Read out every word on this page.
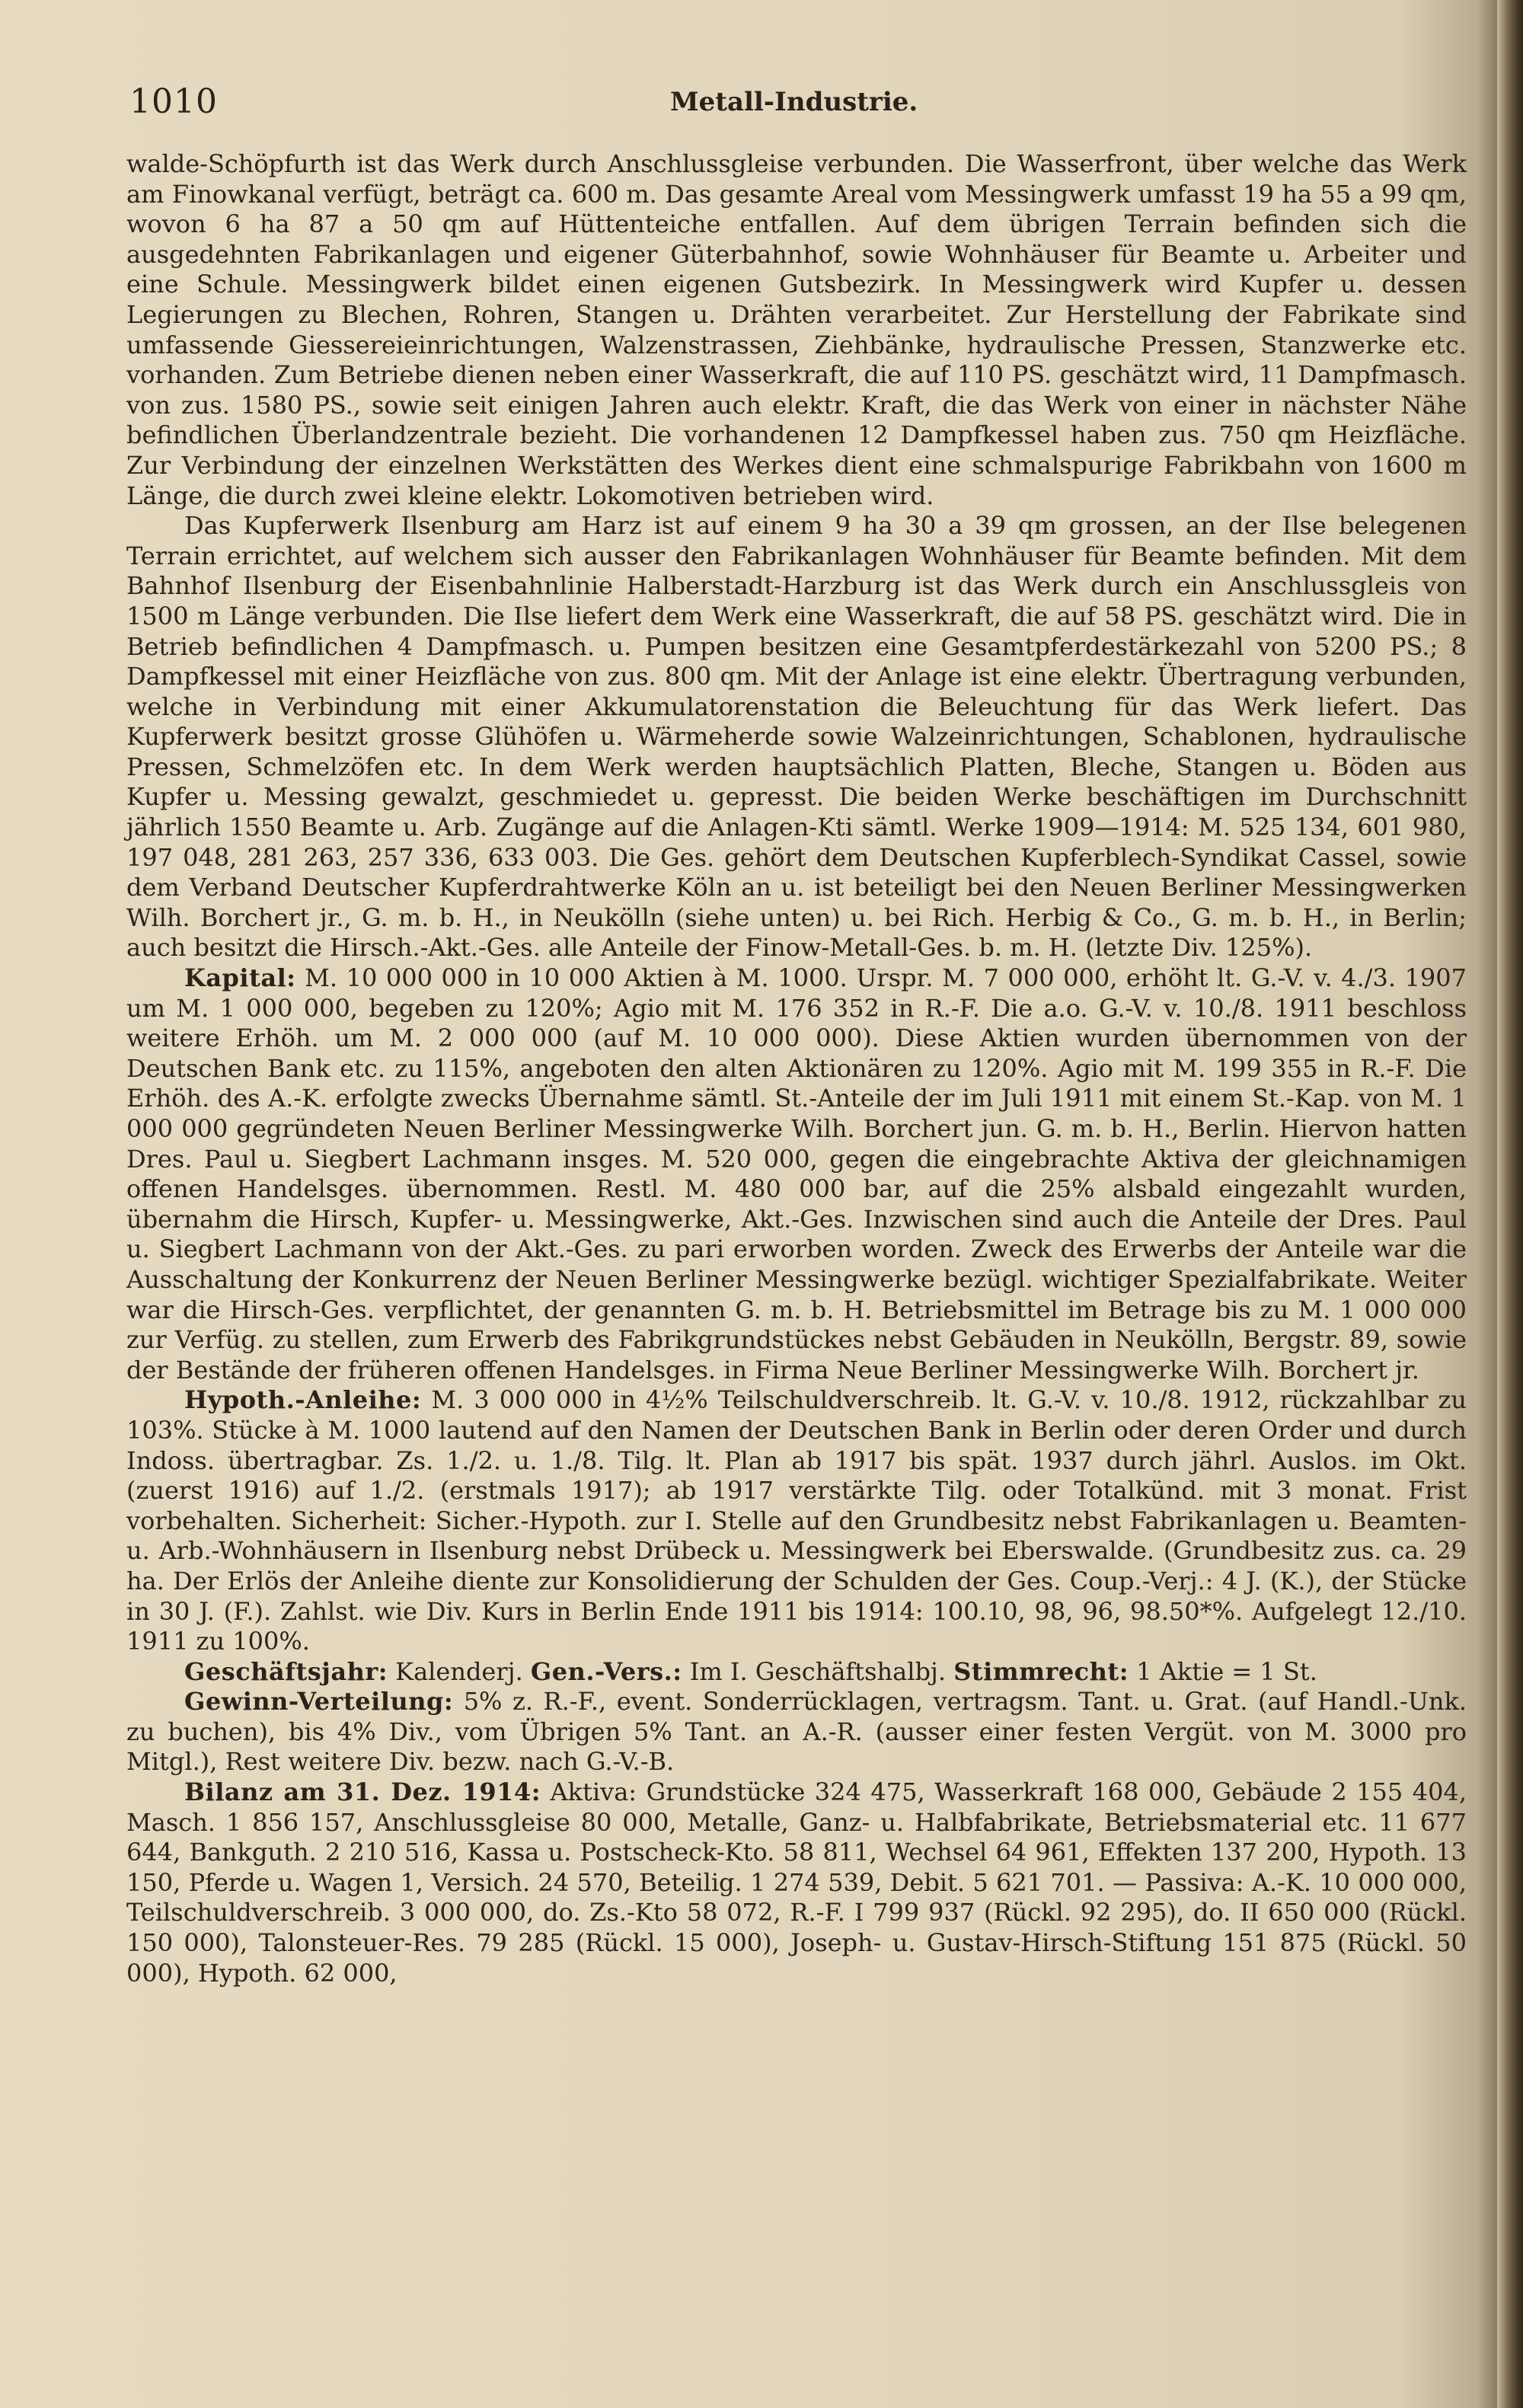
1010	Metall-Industrie.

walde-Schöpfurth ist das Werk durch Anschlussgleise verbunden. Die Wasserfront, über welche das Werk am Finowkanal verfügt, beträgt ca. 600 m. Das gesamte Areal vom Messingwerk umfasst 19 ha 55 a 99 qm, wovon 6 ha 87 a 50 qm auf Hüttenteiche entfallen. Auf dem übrigen Terrain befinden sich die ausgedehnten Fabrikanlagen und eigener Güterbahnhof, sowie Wohnhäuser für Beamte u. Arbeiter und eine Schule. Messingwerk bildet einen eigenen Gutsbezirk. In Messingwerk wird Kupfer u. dessen Legierungen zu Blechen, Rohren, Stangen u. Drähten verarbeitet. Zur Herstellung der Fabrikate sind umfassende Giessereieinrichtungen, Walzenstrassen, Ziehbänke, hydraulische Pressen, Stanzwerke etc. vorhanden. Zum Betriebe dienen neben einer Wasserkraft, die auf 110 PS. geschätzt wird, 11 Dampfmasch. von zus. 1580 PS., sowie seit einigen Jahren auch elektr. Kraft, die das Werk von einer in nächster Nähe befindlichen Überlandzentrale bezieht. Die vorhandenen 12 Dampfkessel haben zus. 750 qm Heizfläche. Zur Verbindung der einzelnen Werkstätten des Werkes dient eine schmalspurige Fabrikbahn von 1600 m Länge, die durch zwei kleine elektr. Lokomotiven betrieben wird.

Das Kupferwerk Ilsenburg am Harz ist auf einem 9 ha 30 a 39 qm grossen, an der Ilse belegenen Terrain errichtet, auf welchem sich ausser den Fabrikanlagen Wohnhäuser für Beamte befinden. Mit dem Bahnhof Ilsenburg der Eisenbahnlinie Halberstadt-Harzburg ist das Werk durch ein Anschlussgleis von 1500 m Länge verbunden. Die Ilse liefert dem Werk eine Wasserkraft, die auf 58 PS. geschätzt wird. Die in Betrieb befindlichen 4 Dampfmasch. u. Pumpen besitzen eine Gesamtpferdestärkezahl von 5200 PS.; 8 Dampfkessel mit einer Heizfläche von zus. 800 qm. Mit der Anlage ist eine elektr. Übertragung verbunden, welche in Verbindung mit einer Akkumulatorenstation die Beleuchtung für das Werk liefert. Das Kupferwerk besitzt grosse Glühöfen u. Wärmeherde sowie Walzeinrichtungen, Schablonen, hydraulische Pressen, Schmelzöfen etc. In dem Werk werden hauptsächlich Platten, Bleche, Stangen u. Böden aus Kupfer u. Messing gewalzt, geschmiedet u. gepresst. Die beiden Werke beschäftigen im Durchschnitt jährlich 1550 Beamte u. Arb. Zugänge auf die Anlagen-Kti sämtl. Werke 1909—1914: M. 525 134, 601 980, 197 048, 281 263, 257 336, 633 003. Die Ges. gehört dem Deutschen Kupferblech-Syndikat Cassel, sowie dem Verband Deutscher Kupferdrahtwerke Köln an u. ist beteiligt bei den Neuen Berliner Messingwerken Wilh. Borchert jr., G. m. b. H., in Neukölln (siehe unten) u. bei Rich. Herbig & Co., G. m. b. H., in Berlin; auch besitzt die Hirsch.-Akt.-Ges. alle Anteile der Finow-Metall-Ges. b. m. H. (letzte Div. 125%).

Kapital: M. 10 000 000 in 10 000 Aktien à M. 1000. Urspr. M. 7 000 000, erhöht lt. G.-V. v. 4./3. 1907 um M. 1 000 000, begeben zu 120%; Agio mit M. 176 352 in R.-F. Die a.o. G.-V. v. 10./8. 1911 beschloss weitere Erhöh. um M. 2 000 000 (auf M. 10 000 000). Diese Aktien wurden übernommen von der Deutschen Bank etc. zu 115%, angeboten den alten Aktionären zu 120%. Agio mit M. 199 355 in R.-F. Die Erhöh. des A.-K. erfolgte zwecks Übernahme sämtl. St.-Anteile der im Juli 1911 mit einem St.-Kap. von M. 1 000 000 gegründeten Neuen Berliner Messingwerke Wilh. Borchert jun. G. m. b. H., Berlin. Hiervon hatten Dres. Paul u. Siegbert Lachmann insges. M. 520 000, gegen die eingebrachte Aktiva der gleichnamigen offenen Handelsges. übernommen. Restl. M. 480 000 bar, auf die 25% alsbald eingezahlt wurden, übernahm die Hirsch, Kupfer- u. Messingwerke, Akt.-Ges. Inzwischen sind auch die Anteile der Dres. Paul u. Siegbert Lachmann von der Akt.-Ges. zu pari erworben worden. Zweck des Erwerbs der Anteile war die Ausschaltung der Konkurrenz der Neuen Berliner Messingwerke bezügl. wichtiger Spezialfabrikate. Weiter war die Hirsch-Ges. verpflichtet, der genannten G. m. b. H. Betriebsmittel im Betrage bis zu M. 1 000 000 zur Verfüg. zu stellen, zum Erwerb des Fabrikgrundstückes nebst Gebäuden in Neukölln, Bergstr. 89, sowie der Bestände der früheren offenen Handelsges. in Firma Neue Berliner Messingwerke Wilh. Borchert jr.

Hypoth.-Anleihe: M. 3 000 000 in 4½% Teilschuldverschreib. lt. G.-V. v. 10./8. 1912, rückzahlbar zu 103%. Stücke à M. 1000 lautend auf den Namen der Deutschen Bank in Berlin oder deren Order und durch Indoss. übertragbar. Zs. 1./2. u. 1./8. Tilg. lt. Plan ab 1917 bis spät. 1937 durch jährl. Auslos. im Okt. (zuerst 1916) auf 1./2. (erstmals 1917); ab 1917 verstärkte Tilg. oder Totalkünd. mit 3 monat. Frist vorbehalten. Sicherheit: Sicher.-Hypoth. zur I. Stelle auf den Grundbesitz nebst Fabrikanlagen u. Beamten- u. Arb.-Wohnhäusern in Ilsenburg nebst Drübeck u. Messingwerk bei Eberswalde. (Grundbesitz zus. ca. 29 ha. Der Erlös der Anleihe diente zur Konsolidierung der Schulden der Ges. Coup.-Verj.: 4 J. (K.), der Stücke in 30 J. (F.). Zahlst. wie Div. Kurs in Berlin Ende 1911 bis 1914: 100.10, 98, 96, 98.50*%. Aufgelegt 12./10. 1911 zu 100%.

Geschäftsjahr: Kalenderj. Gen.-Vers.: Im I. Geschäftshalbj. Stimmrecht: 1 Aktie = 1 St.

Gewinn-Verteilung: 5% z. R.-F., event. Sonderrücklagen, vertragsm. Tant. u. Grat. (auf Handl.-Unk. zu buchen), bis 4% Div., vom Übrigen 5% Tant. an A.-R. (ausser einer festen Vergüt. von M. 3000 pro Mitgl.), Rest weitere Div. bezw. nach G.-V.-B.

Bilanz am 31. Dez. 1914: Aktiva: Grundstücke 324 475, Wasserkraft 168 000, Gebäude 2 155 404, Masch. 1 856 157, Anschlussgleise 80 000, Metalle, Ganz- u. Halbfabrikate, Betriebsmaterial etc. 11 677 644, Bankguth. 2 210 516, Kassa u. Postscheck-Kto. 58 811, Wechsel 64 961, Effekten 137 200, Hypoth. 13 150, Pferde u. Wagen 1, Versich. 24 570, Beteilig. 1 274 539, Debit. 5 621 701. — Passiva: A.-K. 10 000 000, Teilschuldverschreib. 3 000 000, do. Zs.-Kto 58 072, R.-F. I 799 937 (Rückl. 92 295), do. II 650 000 (Rückl. 150 000), Talonsteuer-Res. 79 285 (Rückl. 15 000), Joseph- u. Gustav-Hirsch-Stiftung 151 875 (Rückl. 50 000), Hypoth. 62 000,
